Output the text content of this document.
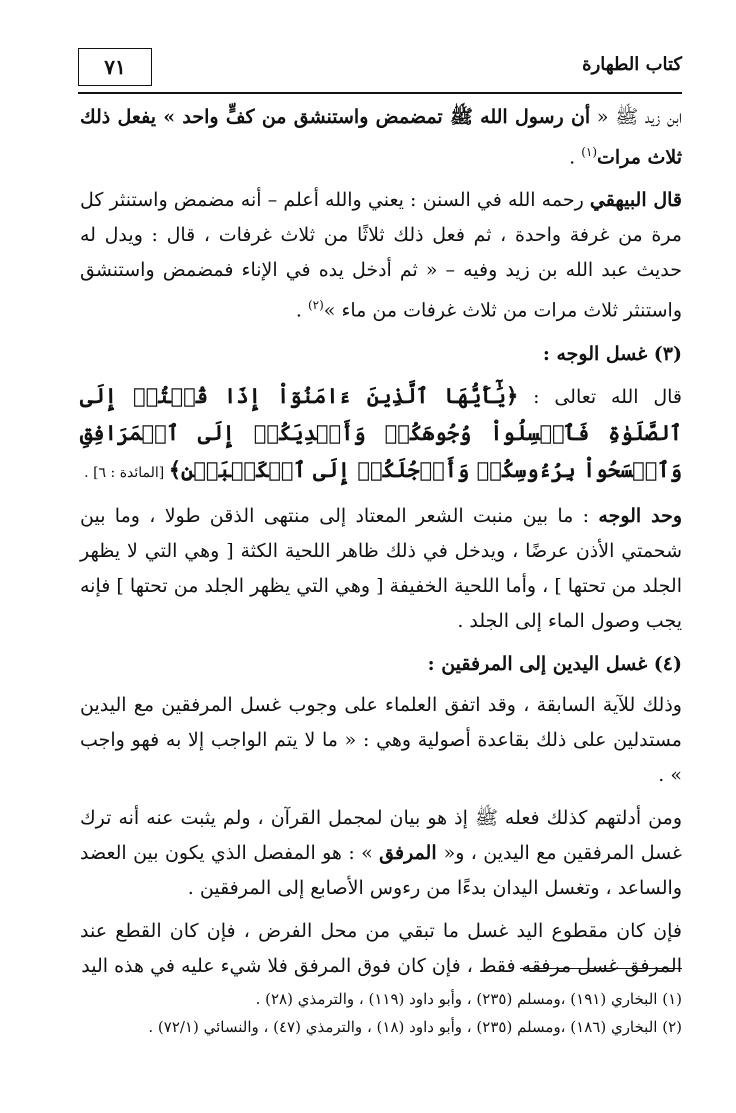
٧١	كتاب الطهارة

ابن زيد ﷺ « أن رسول الله ﷺ تمضمض واستنشق من كفٍّ واحد » يفعل ذلك ثلاث مرات$^{(١)}$ .

قال البيهقي رحمه الله في السنن : يعني والله أعلم – أنه مضمض واستنثر كل مرة من غرفة واحدة ، ثم فعل ذلك ثلاثًا من ثلاث غرفات ، قال : ويدل له حديث عبد الله بن زيد وفيه – « ثم أدخل يده في الإناء فمضمض واستنشق واستنثر ثلاث مرات من ثلاث غرفات من ماء »$^{(٢)}$ .

(٣) غسل الوجه :

قال الله تعالى : ﴿يَٰٓأَيُّهَا ٱلَّذِينَ ءَامَنُوٓاْ إِذَا قُمۡتُمۡ إِلَى ٱلصَّلَوٰةِ فَٱغۡسِلُواْ وُجُوهَكُمۡ وَأَيۡدِيَكُمۡ إِلَى ٱلۡمَرَافِقِ وَٱمۡسَحُواْ بِرُءُوسِكُمۡ وَأَرۡجُلَكُمۡ إِلَى ٱلۡكَعۡبَيۡنِ﴾ [المائدة : ٦] .

وحد الوجه : ما بين منبت الشعر المعتاد إلى منتهى الذقن طولا ، وما بين شحمتي الأذن عرضًا ، ويدخل في ذلك ظاهر اللحية الكثة [ وهي التي لا يظهر الجلد من تحتها ] ، وأما اللحية الخفيفة [ وهي التي يظهر الجلد من تحتها ] فإنه يجب وصول الماء إلى الجلد .

(٤) غسل اليدين إلى المرفقين :

وذلك للآية السابقة ، وقد اتفق العلماء على وجوب غسل المرفقين مع اليدين مستدلين على ذلك بقاعدة أصولية وهي : « ما لا يتم الواجب إلا به فهو واجب » .

ومن أدلتهم كذلك فعله ﷺ إذ هو بيان لمجمل القرآن ، ولم يثبت عنه أنه ترك غسل المرفقين مع اليدين ، و« المرفق » : هو المفصل الذي يكون بين العضد والساعد ، وتغسل اليدان بدءًا من رءوس الأصابع إلى المرفقين .

فإن كان مقطوع اليد غسل ما تبقي من محل الفرض ، فإن كان القطع عند المرفق غسل مرفقه فقط ، فإن كان فوق المرفق فلا شيء عليه في هذه اليد

(١) البخاري (١٩١) ،ومسلم (٢٣٥) ، وأبو داود (١١٩) ، والترمذي (٢٨) .
(٢) البخاري (١٨٦) ،ومسلم (٢٣٥) ، وأبو داود (١٨) ، والترمذي (٤٧) ، والنسائي (٧٢/١) .
